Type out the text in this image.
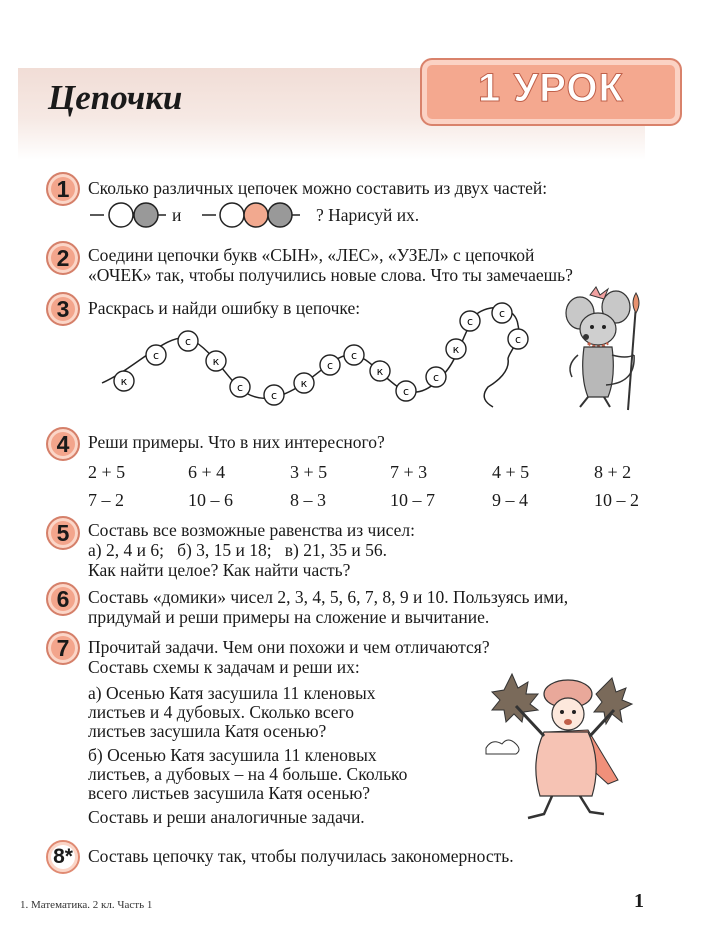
Цепочки	1 УРОК
1	Сколько различных цепочек можно составить из двух частей:
и	? Нарисуй их.
2	Соедини цепочки букв «СЫН», «ЛЕС», «УЗЕЛ» с цепочкой
«ОЧЕК» так, чтобы получились новые слова. Что ты замечаешь?
3	Раскрась и найди ошибку в цепочке:
к
с
с
к
с
с
к
с
с
к
с
с
к
с
с
с
4	Реши примеры. Что в них интересного?
2 + 5	6 + 4	3 + 5	7 + 3	4 + 5	8 + 2
7 – 2	10 – 6	8 – 3	10 – 7	9 – 4	10 – 2
5	Составь все возможные равенства из чисел:
а) 2, 4 и 6;   б) 3, 15 и 18;   в) 21, 35 и 56.
Как найти целое? Как найти часть?
6	Составь «домики» чисел 2, 3, 4, 5, 6, 7, 8, 9 и 10. Пользуясь ими,
придумай и реши примеры на сложение и вычитание.
7	Прочитай задачи. Чем они похожи и чем отличаются?
Составь схемы к задачам и реши их:
а) Осенью Катя засушила 11 кленовых
листьев и 4 дубовых. Сколько всего
листьев засушила Катя осенью?
б) Осенью Катя засушила 11 кленовых
листьев, а дубовых – на 4 больше. Сколько
всего листьев засушила Катя осенью?
Составь и реши аналогичные задачи.
8* Составь цепочку так, чтобы получилась закономерность.
1. Математика. 2 кл. Часть 1	1
